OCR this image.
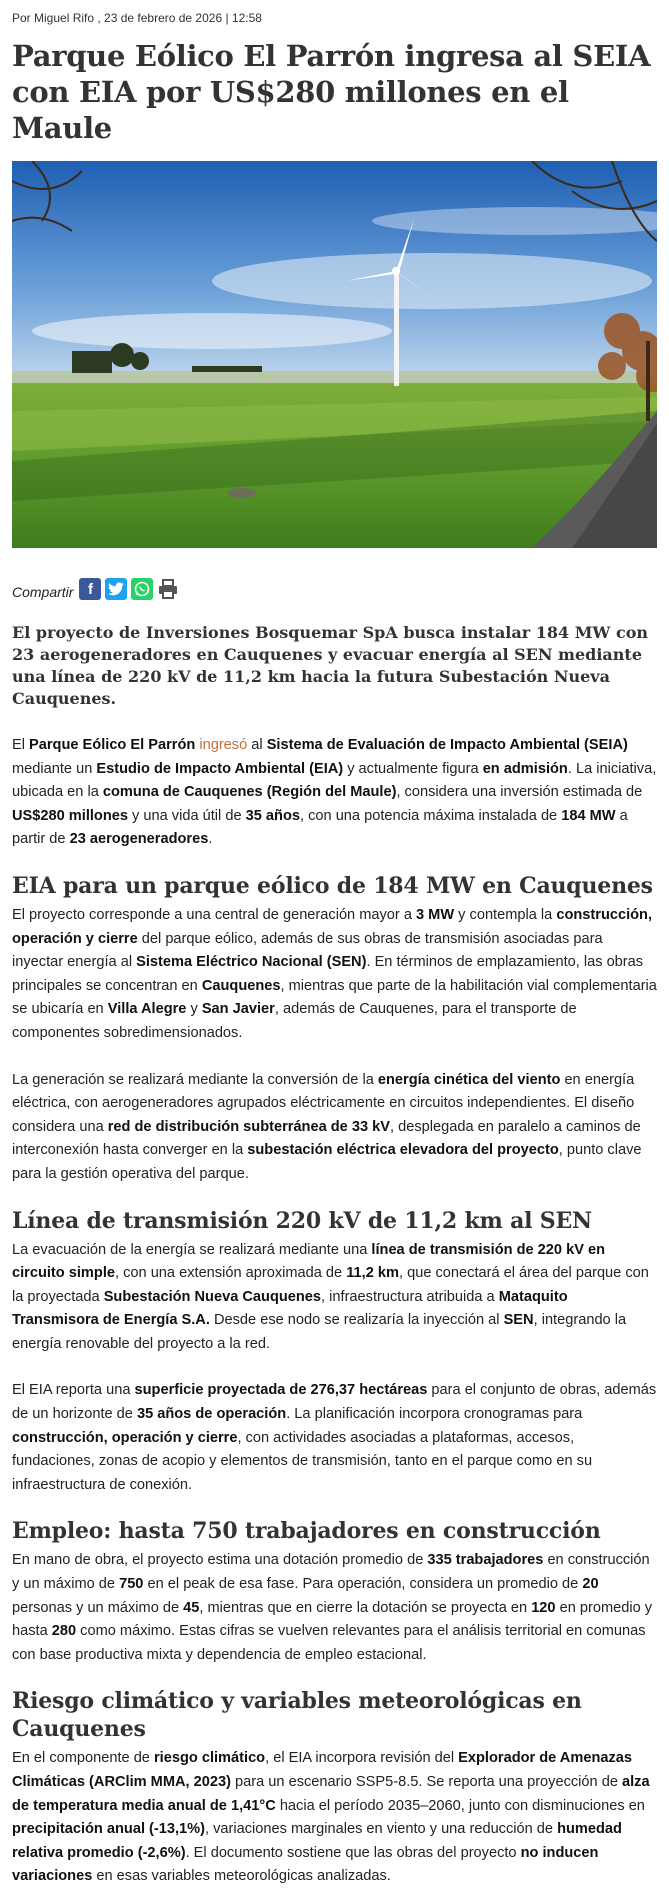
Por Miguel Rifo , 23 de febrero de 2026 | 12:58
Parque Eólico El Parrón ingresa al SEIA con EIA por US$280 millones en el Maule
Compartir f
El proyecto de Inversiones Bosquemar SpA busca instalar 184 MW con 23 aerogeneradores en Cauquenes y evacuar energía al SEN mediante una línea de 220 kV de 11,2 km hacia la futura Subestación Nueva Cauquenes.

El Parque Eólico El Parrón ingresó al Sistema de Evaluación de Impacto Ambiental (SEIA) mediante un Estudio de Impacto Ambiental (EIA) y actualmente figura en admisión. La iniciativa, ubicada en la comuna de Cauquenes (Región del Maule), considera una inversión estimada de US$280 millones y una vida útil de 35 años, con una potencia máxima instalada de 184 MW a partir de 23 aerogeneradores.

EIA para un parque eólico de 184 MW en Cauquenes

El proyecto corresponde a una central de generación mayor a 3 MW y contempla la construcción, operación y cierre del parque eólico, además de sus obras de transmisión asociadas para inyectar energía al Sistema Eléctrico Nacional (SEN). En términos de emplazamiento, las obras principales se concentran en Cauquenes, mientras que parte de la habilitación vial complementaria se ubicaría en Villa Alegre y San Javier, además de Cauquenes, para el transporte de componentes sobredimensionados.

La generación se realizará mediante la conversión de la energía cinética del viento en energía eléctrica, con aerogeneradores agrupados eléctricamente en circuitos independientes. El diseño considera una red de distribución subterránea de 33 kV, desplegada en paralelo a caminos de interconexión hasta converger en la subestación eléctrica elevadora del proyecto, punto clave para la gestión operativa del parque.

Línea de transmisión 220 kV de 11,2 km al SEN

La evacuación de la energía se realizará mediante una línea de transmisión de 220 kV en circuito simple, con una extensión aproximada de 11,2 km, que conectará el área del parque con la proyectada Subestación Nueva Cauquenes, infraestructura atribuida a Mataquito Transmisora de Energía S.A. Desde ese nodo se realizaría la inyección al SEN, integrando la energía renovable del proyecto a la red.

El EIA reporta una superficie proyectada de 276,37 hectáreas para el conjunto de obras, además de un horizonte de 35 años de operación. La planificación incorpora cronogramas para construcción, operación y cierre, con actividades asociadas a plataformas, accesos, fundaciones, zonas de acopio y elementos de transmisión, tanto en el parque como en su infraestructura de conexión.

Empleo: hasta 750 trabajadores en construcción

En mano de obra, el proyecto estima una dotación promedio de 335 trabajadores en construcción y un máximo de 750 en el peak de esa fase. Para operación, considera un promedio de 20 personas y un máximo de 45, mientras que en cierre la dotación se proyecta en 120 en promedio y hasta 280 como máximo. Estas cifras se vuelven relevantes para el análisis territorial en comunas con base productiva mixta y dependencia de empleo estacional.

Riesgo climático y variables meteorológicas en Cauquenes

En el componente de riesgo climático, el EIA incorpora revisión del Explorador de Amenazas Climáticas (ARClim MMA, 2023) para un escenario SSP5-8.5. Se reporta una proyección de alza de temperatura media anual de 1,41°C hacia el período 2035–2060, junto con disminuciones en precipitación anual (-13,1%), variaciones marginales en viento y una reducción de humedad relativa promedio (-2,6%). El documento sostiene que las obras del proyecto no inducen variaciones en esas variables meteorológicas analizadas.
